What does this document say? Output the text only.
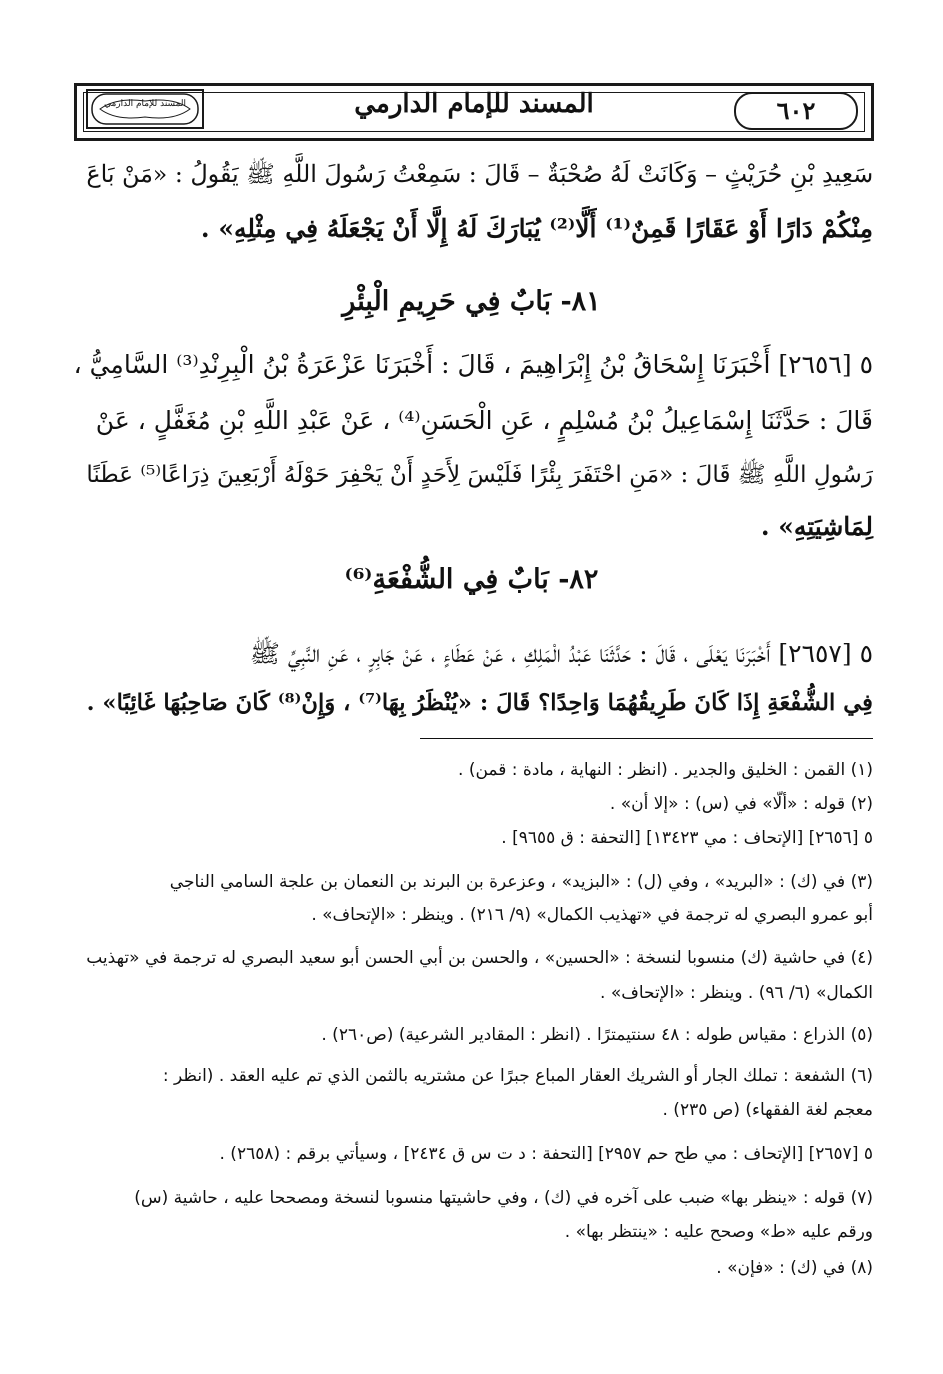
المسند للإمام الدارمي	المسند للإمام الدارمي	٦٠٢
سَعِيدِ بْنِ حُرَيْثٍ – وَكَانَتْ لَهُ صُحْبَةٌ – قَالَ : سَمِعْتُ رَسُولَ اللَّهِ ﷺ يَقُولُ : «مَنْ بَاعَ
مِنْكُمْ دَارًا أَوْ عَقَارًا قَمِنٌ⁽¹⁾ أَلَّا⁽²⁾ يُبَارَكَ لَهُ إِلَّا أَنْ يَجْعَلَهُ فِي مِثْلِهِ» .
٥ [٢٦٥٦] أَخْبَرَنَا إِسْحَاقُ بْنُ إِبْرَاهِيمَ ، قَالَ : أَخْبَرَنَا عَزْعَرَةُ بْنُ الْبِرِنْدِ⁽³⁾ السَّامِيُّ ،
قَالَ : حَدَّثَنَا إِسْمَاعِيلُ بْنُ مُسْلِمٍ ، عَنِ الْحَسَنِ⁽⁴⁾ ، عَنْ عَبْدِ اللَّهِ بْنِ مُغَفَّلٍ ، عَنْ
رَسُولِ اللَّهِ ﷺ قَالَ : «مَنِ احْتَفَرَ بِئْرًا فَلَيْسَ لِأَحَدٍ أَنْ يَحْفِرَ حَوْلَهُ أَرْبَعِينَ ذِرَاعًا⁽⁵⁾ عَطَنًا
لِمَاشِيَتِهِ» .
٥ [٢٦٥٧] أَخْبَرَنَا يَعْلَى ، قَالَ : حَدَّثَنَا عَبْدُ الْمَلِكِ ، عَنْ عَطَاءٍ ، عَنْ جَابِرٍ ، عَنِ النَّبِيِّ ﷺ
فِي الشُّفْعَةِ إِذَا كَانَ طَرِيقُهُمَا وَاحِدًا؟ قَالَ : «يُنْظَرُ بِهَا⁽⁷⁾ ، وَإِنْ⁽⁸⁾ كَانَ صَاحِبُهَا غَائِبًا» .
٨١- بَابٌ فِي حَرِيمِ الْبِئْرِ
٨٢- بَابٌ فِي الشُّفْعَةِ⁽⁶⁾
(١) القمن : الخليق والجدير . (انظر : النهاية ، مادة : قمن) .
(٢) قوله : «ألّا» في (س) : «إلا أن» .
٥ [٢٦٥٦] [الإتحاف : مي ١٣٤٢٣] [التحفة : ق ٩٦٥٥] .
(٣) في (ك) : «البريد» ، وفي (ل) : «البزيد» ، وعزعرة بن البرند بن النعمان بن علجة السامي الناجي
أبو عمرو البصري له ترجمة في «تهذيب الكمال» (٩/ ٢١٦) . وينظر : «الإتحاف» .
(٤) في حاشية (ك) منسوبا لنسخة : «الحسين» ، والحسن بن أبي الحسن أبو سعيد البصري له ترجمة في «تهذيب
الكمال» (٦/ ٩٦) . وينظر : «الإتحاف» .
(٥) الذراع : مقياس طوله : ٤٨ سنتيمترًا . (انظر : المقادير الشرعية) (ص٢٦٠) .
(٦) الشفعة : تملك الجار أو الشريك العقار المباع جبرًا عن مشتريه بالثمن الذي تم عليه العقد . (انظر :
معجم لغة الفقهاء) (ص ٢٣٥) .
٥ [٢٦٥٧] [الإتحاف : مي طح حم ٢٩٥٧] [التحفة : د ت س ق ٢٤٣٤] ، وسيأتي برقم : (٢٦٥٨) .
(٧) قوله : «ينظر بها» ضبب على آخره في (ك) ، وفي حاشيتها منسوبا لنسخة ومصححا عليه ، حاشية (س)
ورقم عليه «ط» وصحح عليه : «ينتظر بها» .
(٨) في (ك) : «فإن» .
